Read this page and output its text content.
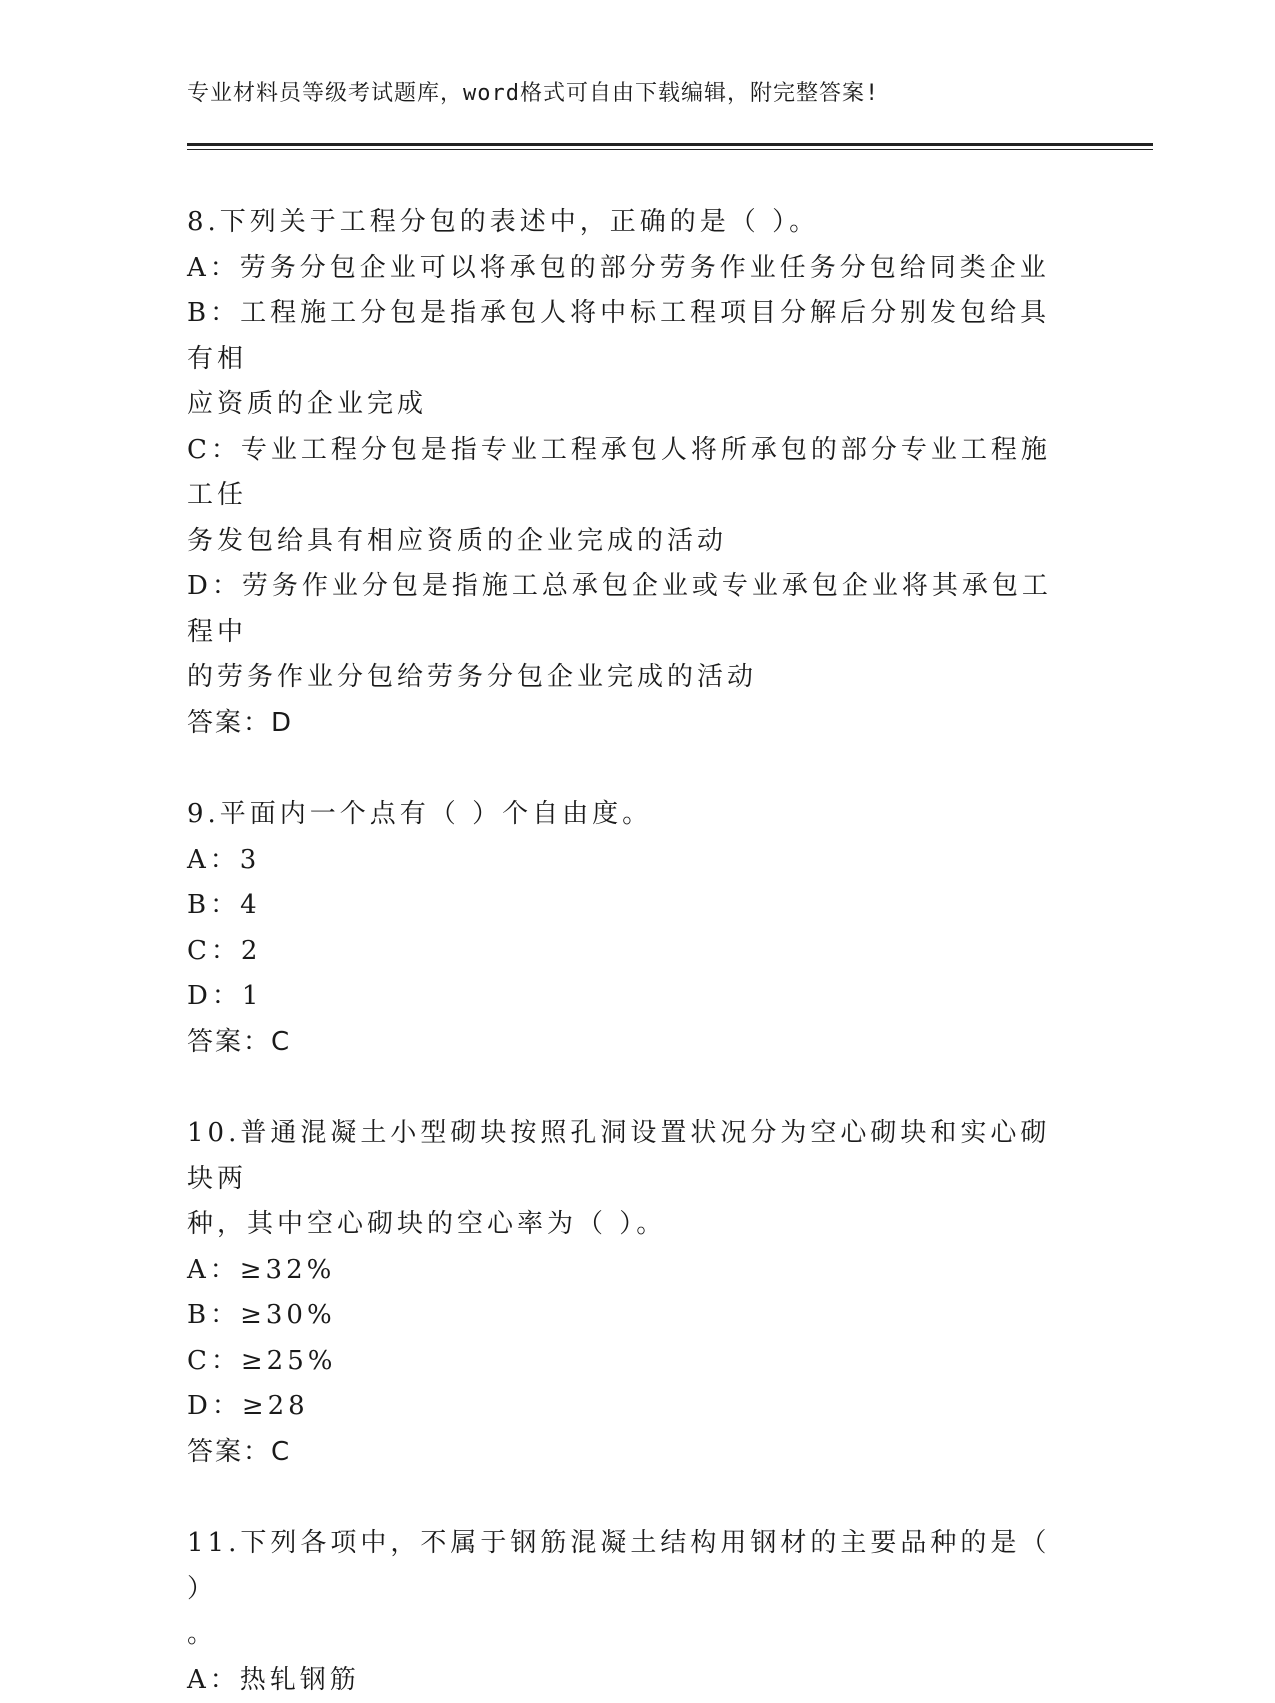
专业材料员等级考试题库，word格式可自由下载编辑，附完整答案!
8.下列关于工程分包的表述中，正确的是（ ）。
A：劳务分包企业可以将承包的部分劳务作业任务分包给同类企业
B：工程施工分包是指承包人将中标工程项目分解后分别发包给具有相
应资质的企业完成
C：专业工程分包是指专业工程承包人将所承包的部分专业工程施工任
务发包给具有相应资质的企业完成的活动
D：劳务作业分包是指施工总承包企业或专业承包企业将其承包工程中
的劳务作业分包给劳务分包企业完成的活动
答案：D
9.平面内一个点有（ ）个自由度。
A：3
B：4
C：2
D：1
答案：C
10.普通混凝土小型砌块按照孔洞设置状况分为空心砌块和实心砌块两
种，其中空心砌块的空心率为（ ）。
A：≥32%
B：≥30%
C：≥25%
D：≥28
答案：C
11.下列各项中，不属于钢筋混凝土结构用钢材的主要品种的是（ ）
。
A：热轧钢筋
